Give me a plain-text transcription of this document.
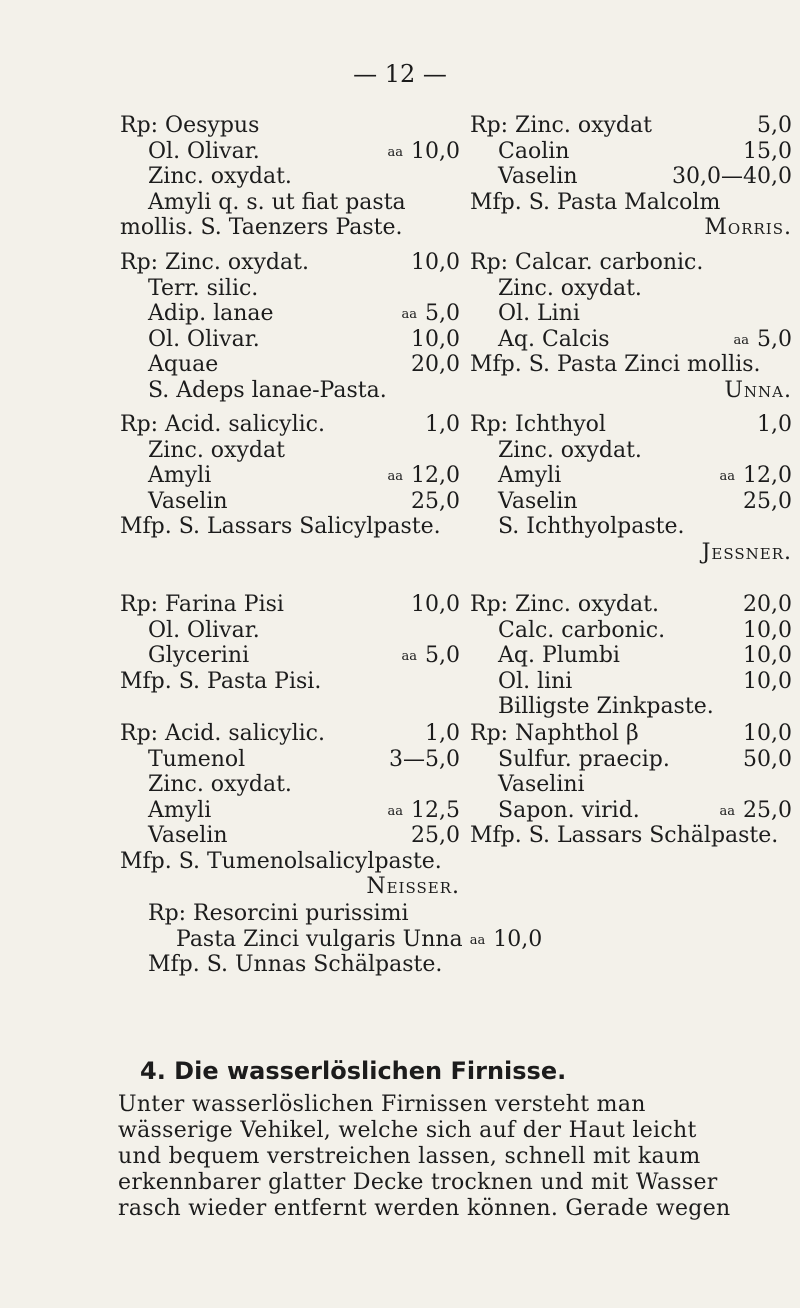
— 12 —
Rp: Oesypus
Ol. Olivar.	aa 10,0
Zinc. oxydat.
Amyli q. s. ut fiat pasta
mollis. S. Taenzers Paste.
Rp: Zinc. oxydat.	10,0
Terr. silic.
Adip. lanae	aa 5,0
Ol. Olivar.	10,0
Aquae	20,0
S. Adeps lanae-Pasta.
Rp: Acid. salicylic.	1,0
Zinc. oxydat
Amyli	aa 12,0
Vaselin	25,0
Mfp. S. Lassars Salicylpaste.
Rp: Farina Pisi	10,0
Ol. Olivar.
Glycerini	aa 5,0
Mfp. S. Pasta Pisi.
Rp: Acid. salicylic.	1,0
Tumenol	3—5,0
Zinc. oxydat.
Amyli	aa 12,5
Vaselin	25,0
Mfp. S. Tumenolsalicylpaste.
Neisser.
Rp: Zinc. oxydat	5,0
Caolin	15,0
Vaselin	30,0—40,0
Mfp. S. Pasta Malcolm
Morris.
Rp: Calcar. carbonic.
Zinc. oxydat.
Ol. Lini
Aq. Calcis	aa 5,0
Mfp. S. Pasta Zinci mollis.
Unna.
Rp: Ichthyol	1,0
Zinc. oxydat.
Amyli	aa 12,0
Vaselin	25,0
S. Ichthyolpaste.
Jessner.
Rp: Zinc. oxydat.	20,0
Calc. carbonic.	10,0
Aq. Plumbi	10,0
Ol. lini	10,0
Billigste Zinkpaste.
Rp: Naphthol β	10,0
Sulfur. praecip.	50,0
Vaselini
Sapon. virid.	aa 25,0
Mfp. S. Lassars Schälpaste.
Rp: Resorcini purissimi
Pasta Zinci vulgaris Unna aa 10,0
Mfp. S. Unnas Schälpaste.
4. Die wasserlöslichen Firnisse.
Unter wasserlöslichen Firnissen versteht man
wässerige Vehikel, welche sich auf der Haut leicht
und bequem verstreichen lassen, schnell mit kaum
erkennbarer glatter Decke trocknen und mit Wasser
rasch wieder entfernt werden können. Gerade wegen
